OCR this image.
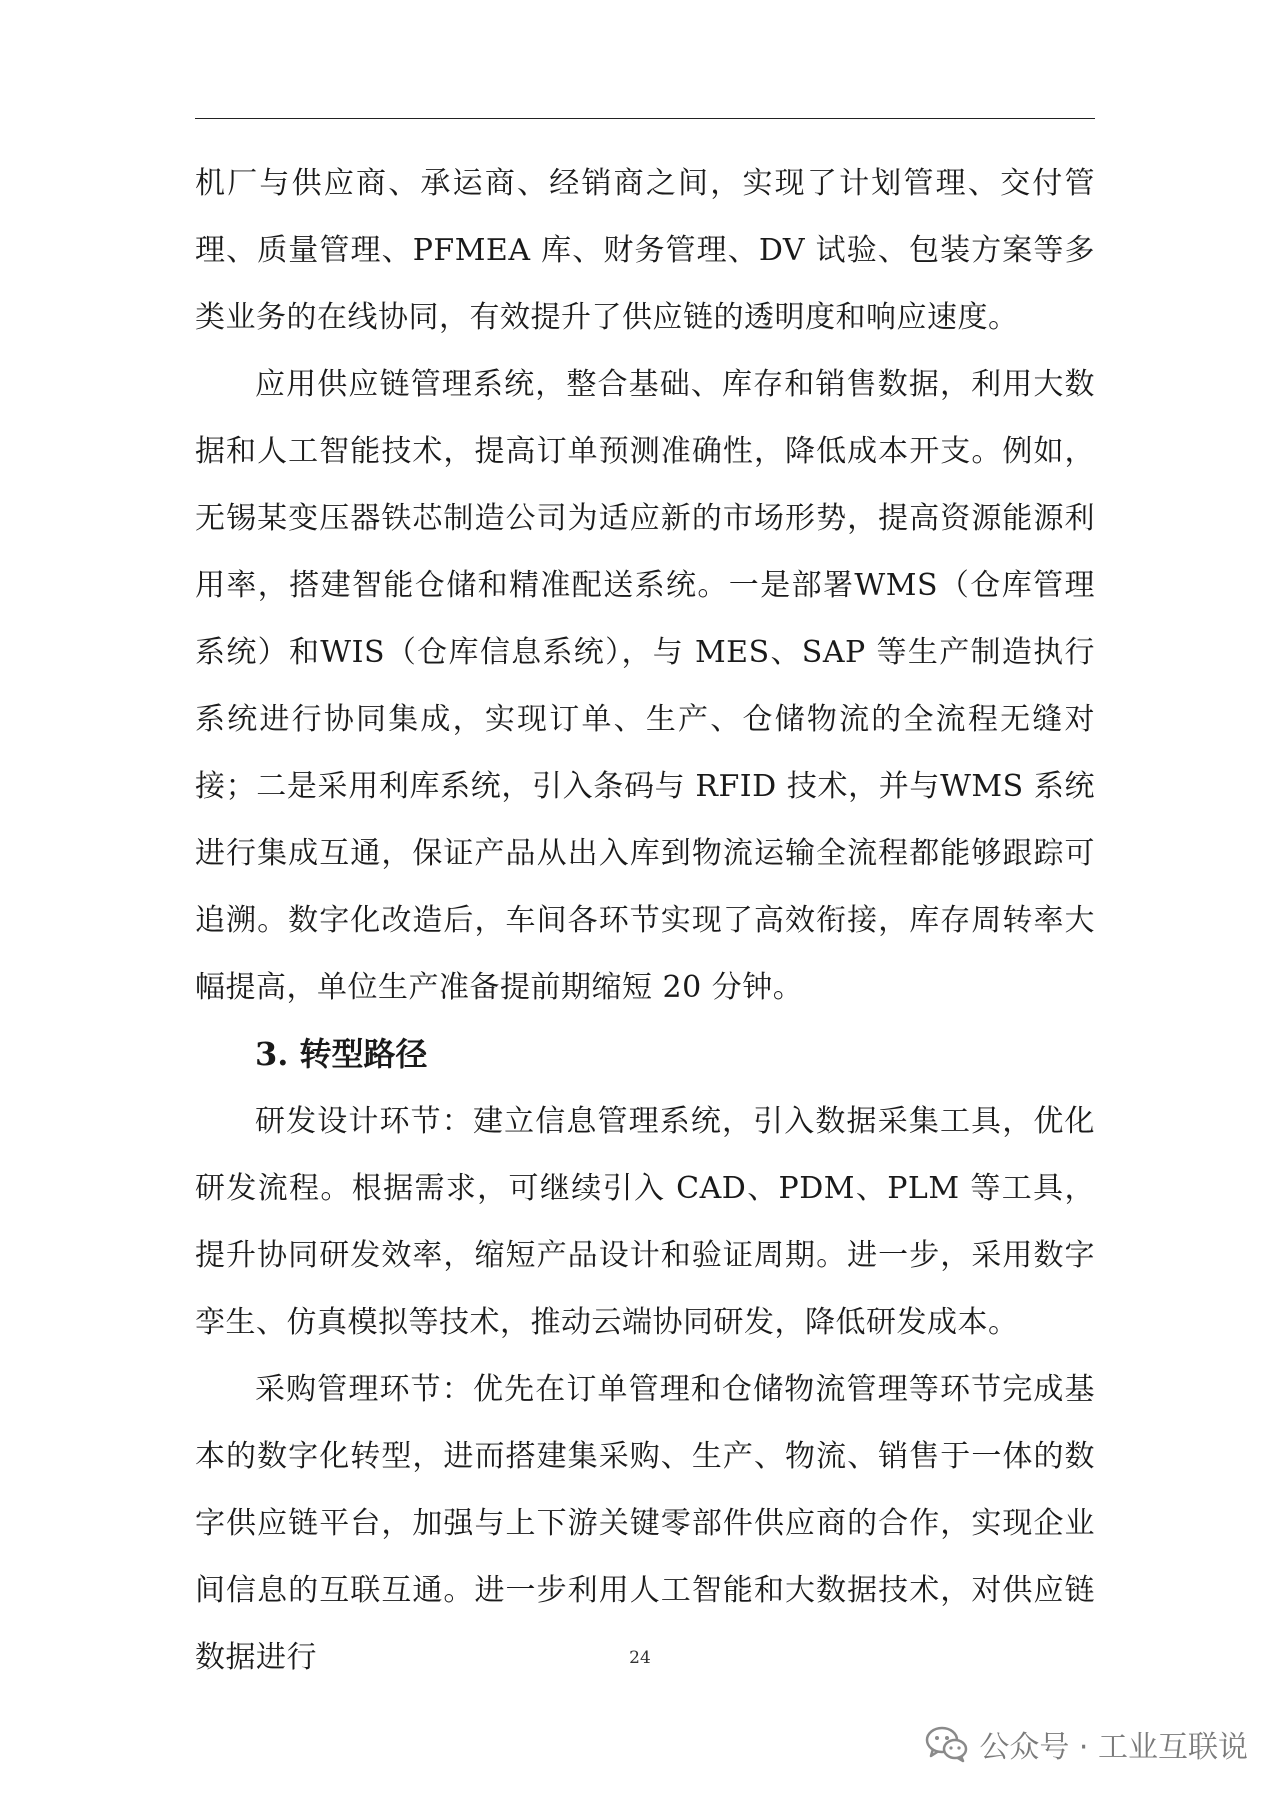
机厂与供应商、承运商、经销商之间，实现了计划管理、交付管理、质量管理、PFMEA 库、财务管理、DV 试验、包装方案等多类业务的在线协同，有效提升了供应链的透明度和响应速度。

应用供应链管理系统，整合基础、库存和销售数据，利用大数据和人工智能技术，提高订单预测准确性，降低成本开支。例如，无锡某变压器铁芯制造公司为适应新的市场形势，提高资源能源利用率，搭建智能仓储和精准配送系统。一是部署WMS（仓库管理系统）和WIS（仓库信息系统），与 MES、SAP 等生产制造执行系统进行协同集成，实现订单、生产、仓储物流的全流程无缝对接；二是采用利库系统，引入条码与 RFID 技术，并与WMS 系统进行集成互通，保证产品从出入库到物流运输全流程都能够跟踪可追溯。数字化改造后，车间各环节实现了高效衔接，库存周转率大幅提高，单位生产准备提前期缩短 20 分钟。

3. 转型路径

研发设计环节：建立信息管理系统，引入数据采集工具，优化研发流程。根据需求，可继续引入 CAD、PDM、PLM 等工具，提升协同研发效率，缩短产品设计和验证周期。进一步，采用数字孪生、仿真模拟等技术，推动云端协同研发，降低研发成本。

采购管理环节：优先在订单管理和仓储物流管理等环节完成基本的数字化转型，进而搭建集采购、生产、物流、销售于一体的数字供应链平台，加强与上下游关键零部件供应商的合作，实现企业间信息的互联互通。进一步利用人工智能和大数据技术，对供应链数据进行	24
公众号 · 工业互联说
